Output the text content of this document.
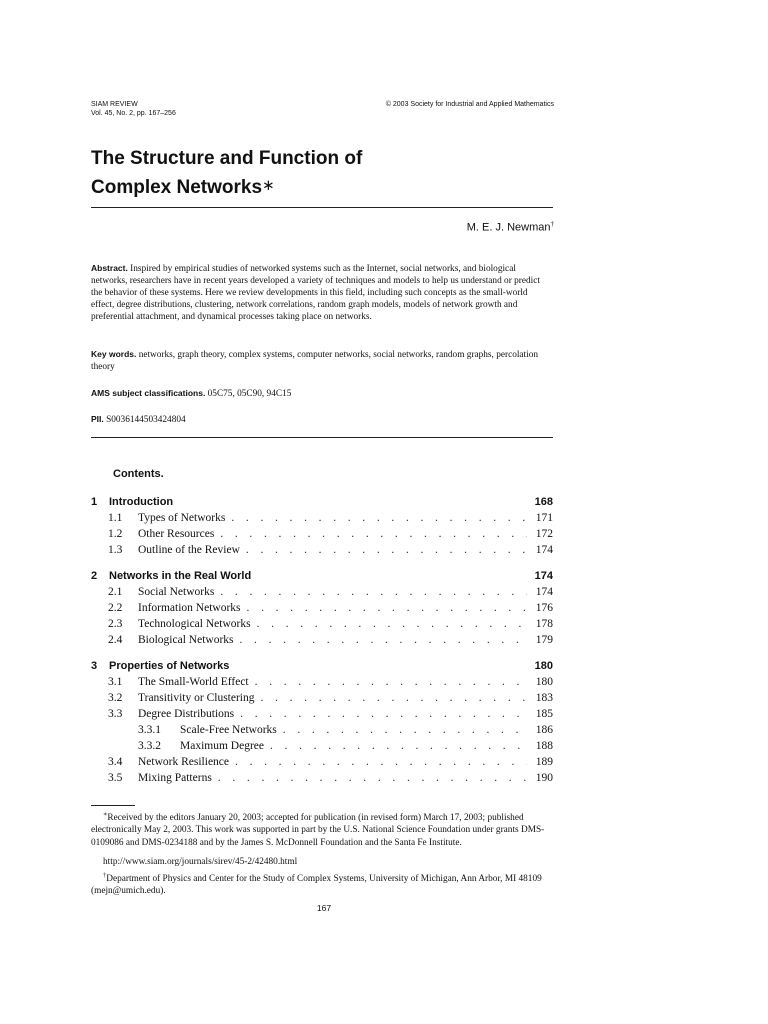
SIAM REVIEW
Vol. 45, No. 2, pp. 167–256
© 2003 Society for Industrial and Applied Mathematics
The Structure and Function of
Complex Networks∗
M. E. J. Newman†
Abstract. Inspired by empirical studies of networked systems such as the Internet, social networks, and biological networks, researchers have in recent years developed a variety of techniques and models to help us understand or predict the behavior of these systems. Here we review developments in this field, including such concepts as the small-world effect, degree distributions, clustering, network correlations, random graph models, models of network growth and preferential attachment, and dynamical processes taking place on networks.
Key words. networks, graph theory, complex systems, computer networks, social networks, random graphs, percolation theory
AMS subject classifications. 05C75, 05C90, 94C15
PII. S0036144503424804
Contents.
1	Introduction	168
1.1	Types of Networks . . .	171
1.2	Other Resources . . .	172
1.3	Outline of the Review . . .	174
2	Networks in the Real World	174
2.1	Social Networks . . .	174
2.2	Information Networks . . .	176
2.3	Technological Networks . . .	178
2.4	Biological Networks . . .	179
3	Properties of Networks	180
3.1	The Small-World Effect . . .	180
3.2	Transitivity or Clustering . . .	183
3.3	Degree Distributions . . .	185
3.3.1	Scale-Free Networks . . .	186
3.3.2	Maximum Degree . . .	188
3.4	Network Resilience . . .	189
3.5	Mixing Patterns . . .	190
∗Received by the editors January 20, 2003; accepted for publication (in revised form) March 17, 2003; published electronically May 2, 2003. This work was supported in part by the U.S. National Science Foundation under grants DMS-0109086 and DMS-0234188 and by the James S. McDonnell Foundation and the Santa Fe Institute.
http://www.siam.org/journals/sirev/45-2/42480.html
†Department of Physics and Center for the Study of Complex Systems, University of Michigan, Ann Arbor, MI 48109 (mejn@umich.edu).
167
